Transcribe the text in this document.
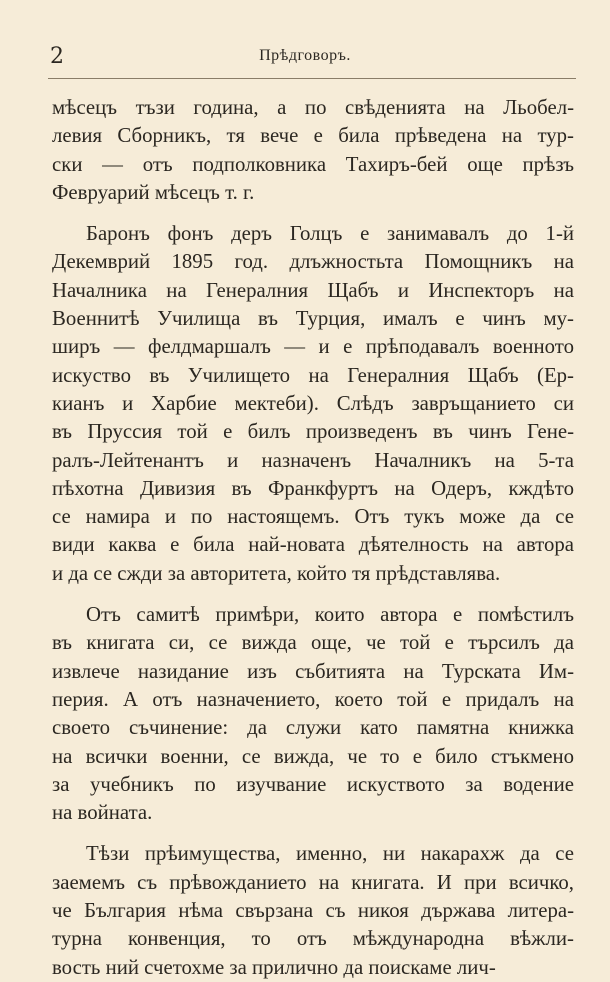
2	Прѣдговоръ.
мѣсецъ тъзи година, а по свѣденията на Льобел-
левия Сборникъ, тя вече е била прѣведена на тур-
ски — отъ подполковника Тахиръ-бей още прѣзъ
Февруарий мѣсецъ т. г.
Баронъ фонъ деръ Голцъ е занимавалъ до 1-й
Декемврий 1895 год. длъжностьта Помощникъ на
Началника на Генералния Щабъ и Инспекторъ на
Военнитѣ Училища въ Турция, ималъ е чинъ му-
ширъ — фелдмаршалъ — и е прѣподавалъ военното
искуство въ Училището на Генералния Щабъ (Ер-
кианъ и Харбие мектеби). Слѣдъ завръщанието си
въ Пруссия той е билъ произведенъ въ чинъ Гене-
ралъ-Лейтенантъ и назначенъ Началникъ на 5-та
пѣхотна Дивизия въ Франкфуртъ на Одеръ, кждѣто
се намира и по настоящемъ. Отъ тукъ може да се
види каква е била най-новата дѣятелность на автора
и да се сжди за авторитета, който тя прѣдставлява.
Отъ самитѣ примѣри, които автора е помѣстилъ
въ книгата си, се вижда още, че той е търсилъ да
извлече назидание изъ събитията на Турската Им-
перия. А отъ назначението, което той е придалъ на
своето съчинение: да служи като памятна книжка
на всички военни, се вижда, че то е било стъкмено
за учебникъ по изучвание искуството за водение
на войната.
Тѣзи прѣимущества, именно, ни накарахж да се
заемемъ съ прѣвожданието на книгата. И при всичко,
че България нѣма свързана съ никоя държава литера-
турна конвенция, то отъ мѣждународна вѣжли-
вость ний счетохме за прилично да поискаме лич-
